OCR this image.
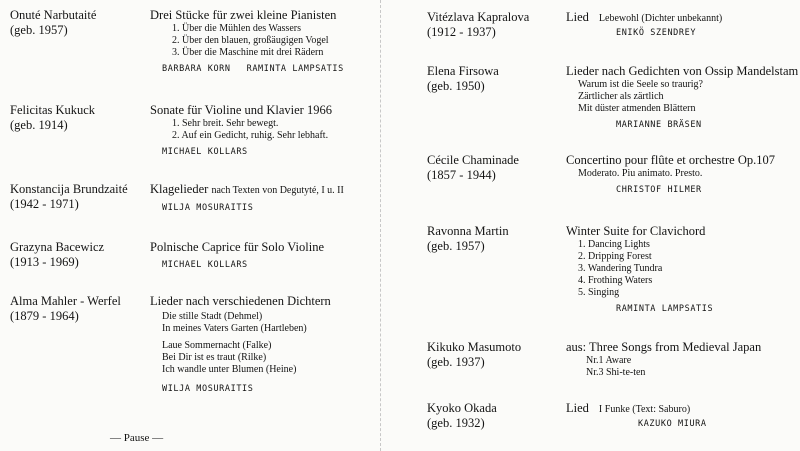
Onuté Narbutaité
(geb. 1957)
Drei Stücke für zwei kleine Pianisten
1. Über die Mühlen des Wassers
2. Über den blauen, großäugigen Vogel
3. Über die Maschine mit drei Rädern
BARBARA KORN RAMINTA LAMPSATIS
Felicitas Kukuck
(geb. 1914)
Sonate für Violine und Klavier 1966
1. Sehr breit. Sehr bewegt.
2. Auf ein Gedicht, ruhig. Sehr lebhaft.
MICHAEL KOLLARS
Konstancija Brundzaité
(1942 - 1971)
Klagelieder nach Texten von Degutyté, I u. II
WILJA MOSURAITIS
Grazyna Bacewicz
(1913 - 1969)
Polnische Caprice für Solo Violine
MICHAEL KOLLARS
Alma Mahler - Werfel
(1879 - 1964)
Lieder nach verschiedenen Dichtern
Die stille Stadt (Dehmel)
In meines Vaters Garten (Hartleben)
Laue Sommernacht (Falke)
Bei Dir ist es traut (Rilke)
Ich wandle unter Blumen (Heine)
WILJA MOSURAITIS
— Pause —
Vitézlava Kapralova
(1912 - 1937)
Lied Lebewohl (Dichter unbekannt)
ENIKÖ SZENDREY
Elena Firsowa
(geb. 1950)
Lieder nach Gedichten von Ossip Mandelstam
Warum ist die Seele so traurig?
Zärtlicher als zärtlich
Mit düster atmenden Blättern
MARIANNE BRÄSEN
Cécile Chaminade
(1857 - 1944)
Concertino pour flûte et orchestre Op.107
Moderato. Piu animato. Presto.
CHRISTOF HILMER
Ravonna Martin
(geb. 1957)
Winter Suite for Clavichord
1. Dancing Lights
2. Dripping Forest
3. Wandering Tundra
4. Frothing Waters
5. Singing
RAMINTA LAMPSATIS
Kikuko Masumoto
(geb. 1937)
aus: Three Songs from Medieval Japan
Nr.1 Aware
Nr.3 Shi-te-ten
Kyoko Okada
(geb. 1932)
Lied I Funke (Text: Saburo)
KAZUKO MIURA
